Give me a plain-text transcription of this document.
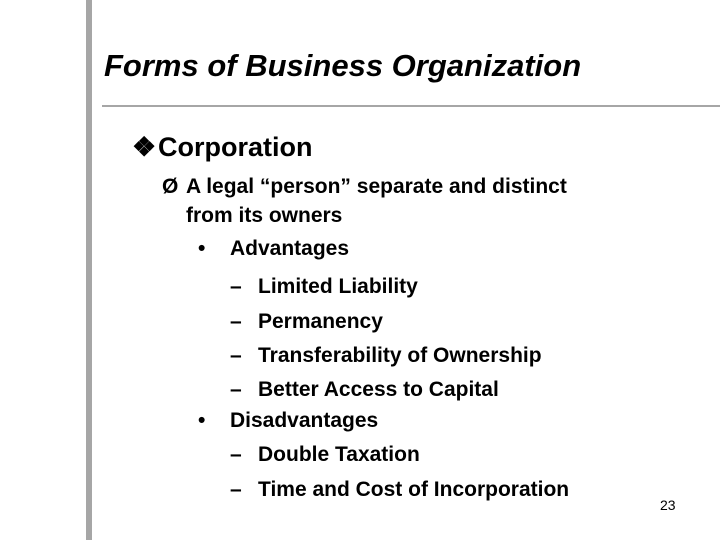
Forms of Business Organization
❖Corporation
Ø A legal “person” separate and distinct
from its owners
• Advantages
– Limited Liability
– Permanency
– Transferability of Ownership
– Better Access to Capital
• Disadvantages
– Double Taxation
– Time and Cost of Incorporation
23
